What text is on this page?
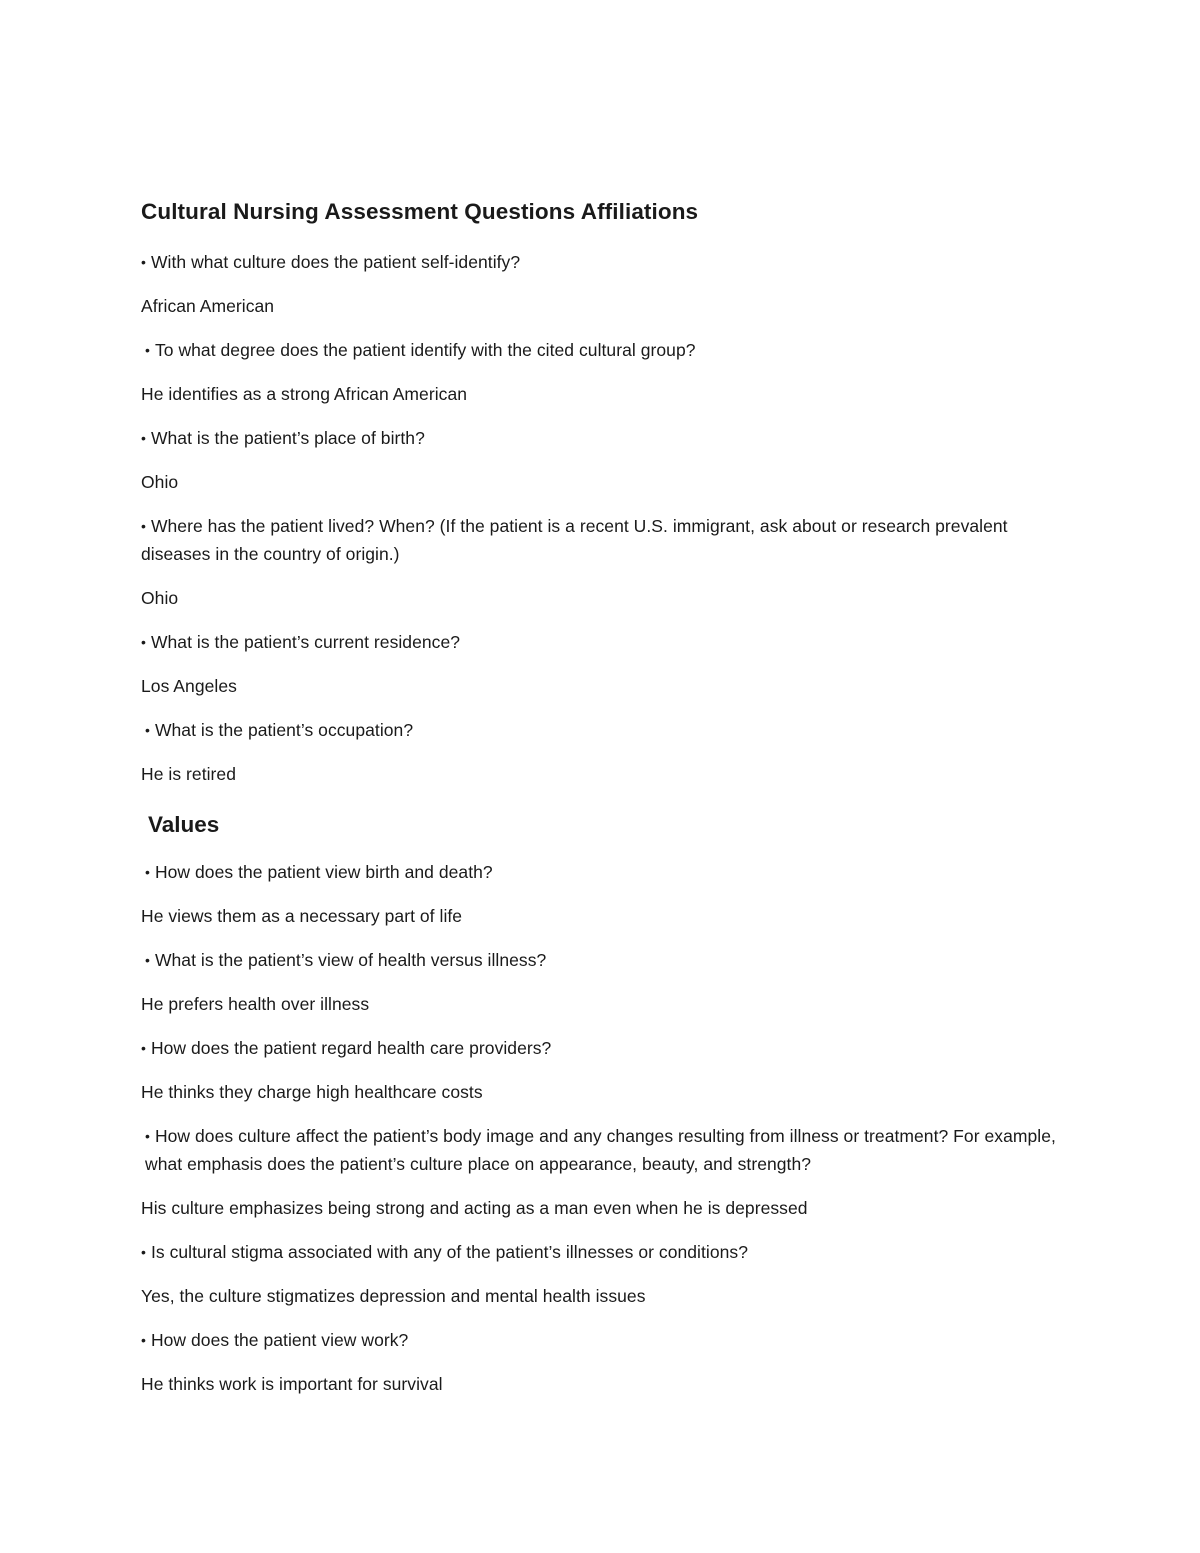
Cultural Nursing Assessment Questions Affiliations
• With what culture does the patient self-identify?
African American
• To what degree does the patient identify with the cited cultural group?
He identifies as a strong African American
• What is the patient’s place of birth?
Ohio
• Where has the patient lived? When? (If the patient is a recent U.S. immigrant, ask about or research prevalent diseases in the country of origin.)
Ohio
• What is the patient’s current residence?
Los Angeles
• What is the patient’s occupation?
He is retired
Values
• How does the patient view birth and death?
He views them as a necessary part of life
• What is the patient’s view of health versus illness?
He prefers health over illness
• How does the patient regard health care providers?
He thinks they charge high healthcare costs
• How does culture affect the patient’s body image and any changes resulting from illness or treatment? For example, what emphasis does the patient’s culture place on appearance, beauty, and strength?
His culture emphasizes being strong and acting as a man even when he is depressed
• Is cultural stigma associated with any of the patient’s illnesses or conditions?
Yes, the culture stigmatizes depression and mental health issues
• How does the patient view work?
He thinks work is important for survival
